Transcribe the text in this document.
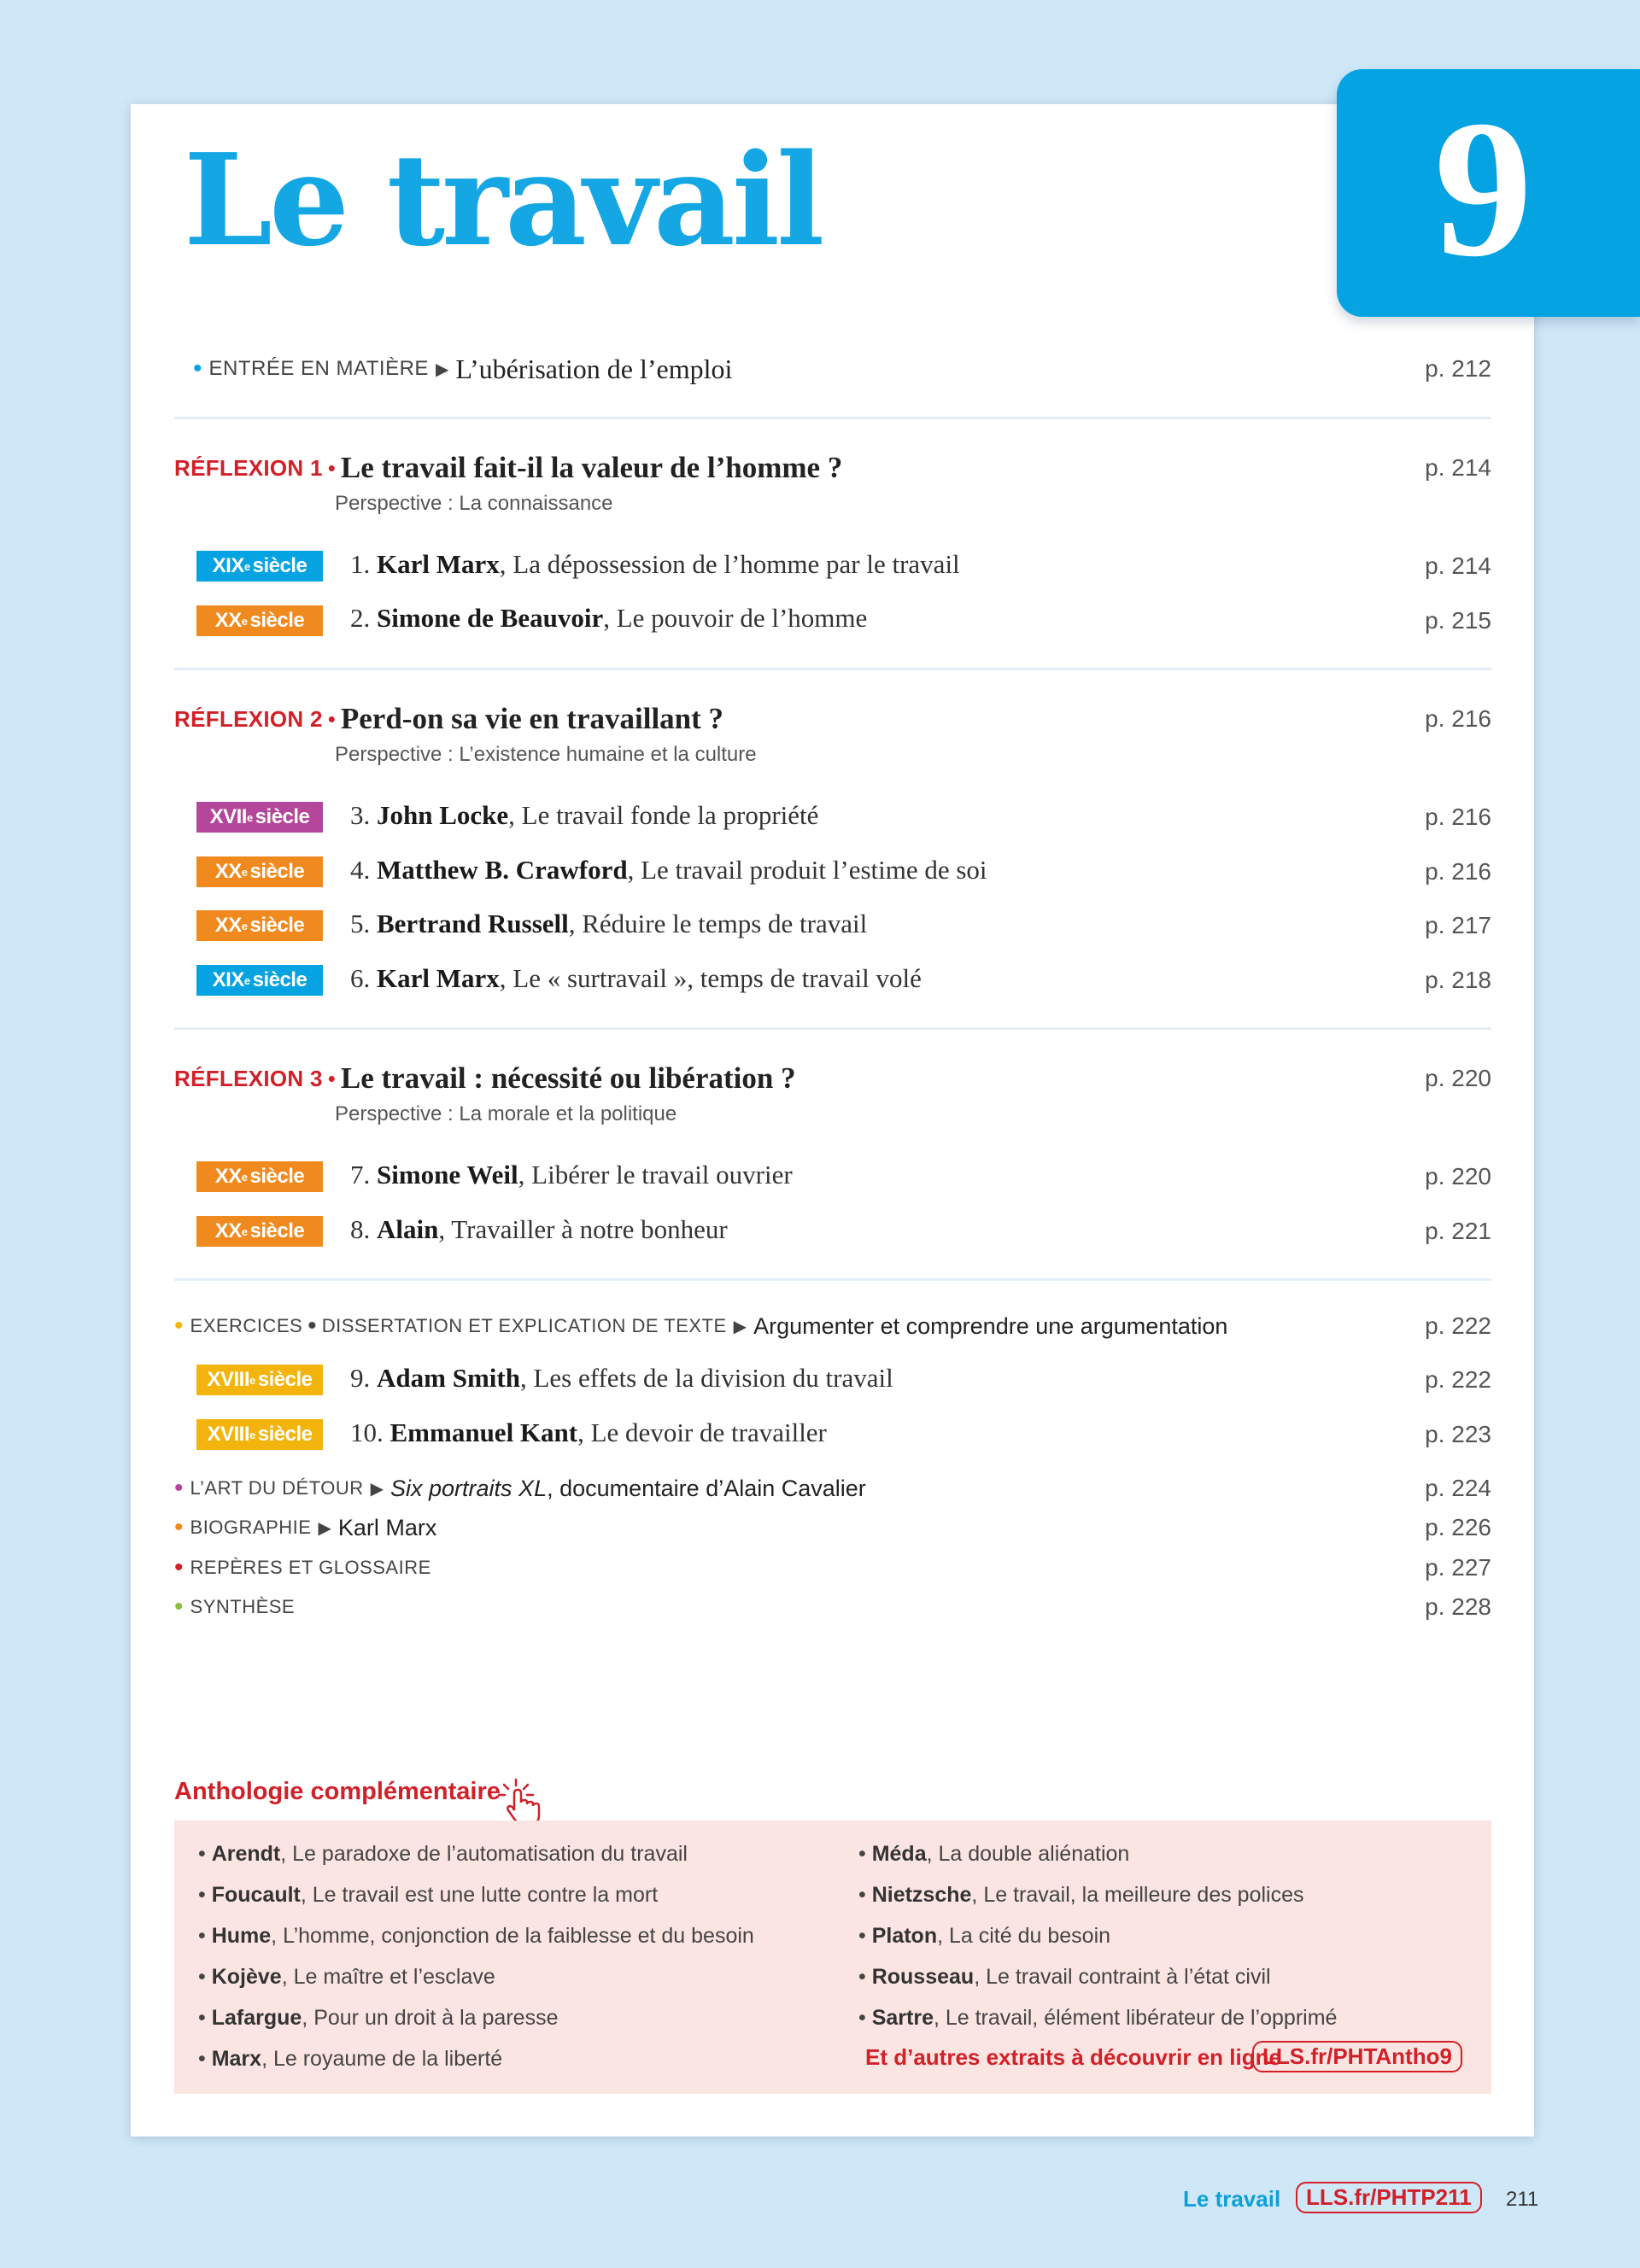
9
Le travail
• ENTRÉE EN MATIÈRE ▶ L’ubérisation de l’emploi	p. 212
RÉFLEXION 1 • Le travail fait-il la valeur de l’homme ?	p. 214
Perspective : La connaissance
XIX e siècle 1. Karl Marx, La dépossession de l’homme par le travail	p. 214
XX e siècle 2. Simone de Beauvoir, Le pouvoir de l’homme	p. 215
RÉFLEXION 2 • Perd-on sa vie en travaillant ?	p. 216
Perspective : L’existence humaine et la culture
XVII e siècle 3. John Locke, Le travail fonde la propriété	p. 216
XX e siècle 4. Matthew B. Crawford, Le travail produit l’estime de soi	p. 216
XX e siècle 5. Bertrand Russell, Réduire le temps de travail	p. 217
XIX e siècle 6. Karl Marx, Le « surtravail », temps de travail volé	p. 218
RÉFLEXION 3 • Le travail : nécessité ou libération ?	p. 220
Perspective : La morale et la politique
XX e siècle 7. Simone Weil, Libérer le travail ouvrier	p. 220
XX e siècle 8. Alain, Travailler à notre bonheur	p. 221
• EXERCICES • DISSERTATION ET EXPLICATION DE TEXTE ▶ Argumenter et comprendre une argumentation	p. 222
XVIII e siècle 9. Adam Smith, Les effets de la division du travail	p. 222
XVIII e siècle 10. Emmanuel Kant, Le devoir de travailler	p. 223
• L’ART DU DÉTOUR ▶ Six portraits XL , documentaire d’Alain Cavalier	p. 224
• BIOGRAPHIE ▶ Karl Marx	p. 226
• REPÈRES ET GLOSSAIRE	p. 227
• SYNTHÈSE	p. 228
Anthologie complémentaire
• Arendt, Le paradoxe de l’automatisation du travail
• Foucault, Le travail est une lutte contre la mort
• Hume, L’homme, conjonction de la faiblesse et du besoin
• Kojève, Le maître et l’esclave
• Lafargue, Pour un droit à la paresse
• Marx, Le royaume de la liberté
• Méda, La double aliénation
• Nietzsche, Le travail, la meilleure des polices
• Platon, La cité du besoin
• Rousseau, Le travail contraint à l’état civil
• Sartre, Le travail, élément libérateur de l’opprimé
Et d’autres extraits à découvrir en ligne
LLS.fr/PHTAntho9
Le travail	LLS.fr/PHTP211	211
